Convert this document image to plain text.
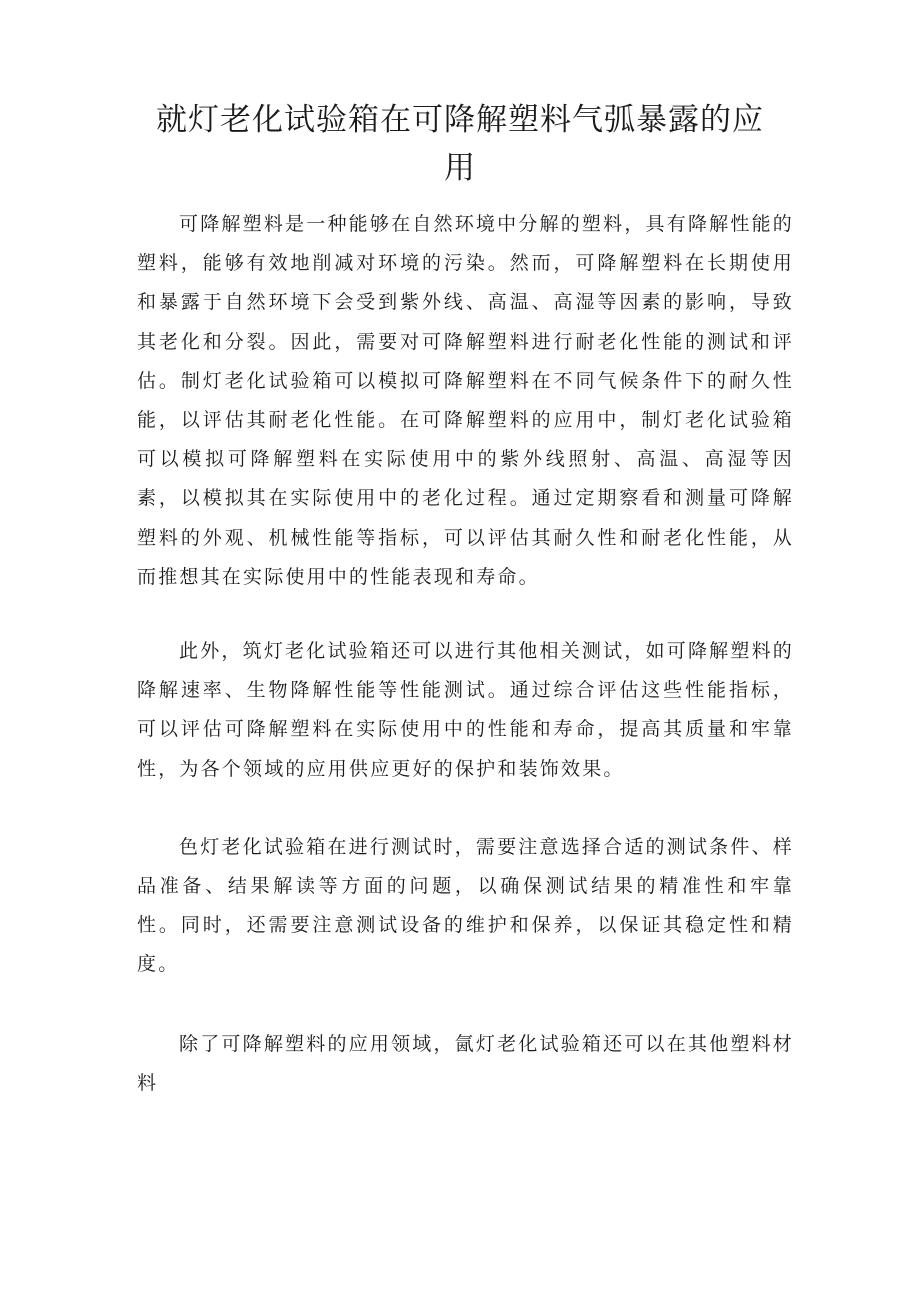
就灯老化试验箱在可降解塑料气弧暴露的应用

可降解塑料是一种能够在自然环境中分解的塑料，具有降解性能的塑料，能够有效地削减对环境的污染。然而，可降解塑料在长期使用和暴露于自然环境下会受到紫外线、高温、高湿等因素的影响，导致其老化和分裂。因此，需要对可降解塑料进行耐老化性能的测试和评估。制灯老化试验箱可以模拟可降解塑料在不同气候条件下的耐久性能，以评估其耐老化性能。在可降解塑料的应用中，制灯老化试验箱可以模拟可降解塑料在实际使用中的紫外线照射、高温、高湿等因素，以模拟其在实际使用中的老化过程。通过定期察看和测量可降解塑料的外观、机械性能等指标，可以评估其耐久性和耐老化性能，从而推想其在实际使用中的性能表现和寿命。

此外，筑灯老化试验箱还可以进行其他相关测试，如可降解塑料的降解速率、生物降解性能等性能测试。通过综合评估这些性能指标，可以评估可降解塑料在实际使用中的性能和寿命，提高其质量和牢靠性，为各个领域的应用供应更好的保护和装饰效果。

色灯老化试验箱在进行测试时，需要注意选择合适的测试条件、样品准备、结果解读等方面的问题，以确保测试结果的精准性和牢靠性。同时，还需要注意测试设备的维护和保养，以保证其稳定性和精度。

除了可降解塑料的应用领域，氤灯老化试验箱还可以在其他塑料材料
